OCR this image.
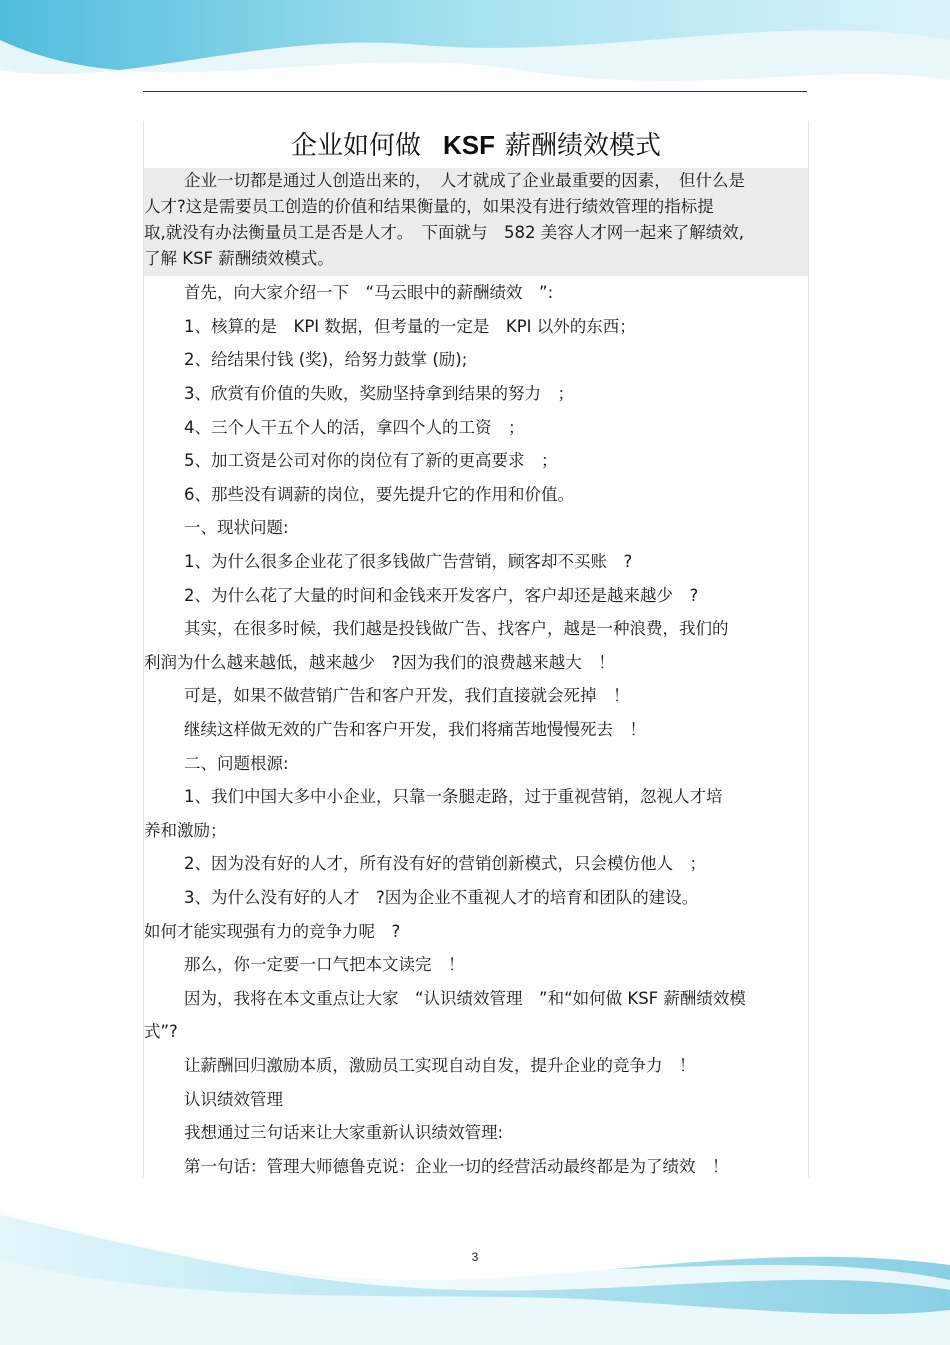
企业如何做 KSF 薪酬绩效模式
企业一切都是通过人创造出来的，　人才就成了企业最重要的因素，　但什么是
人才?这是需要员工创造的价值和结果衡量的，如果没有进行绩效管理的指标提
取,就没有办法衡量员工是否是人才。　下面就与　582 美容人才网一起来了解绩效,
了解 KSF 薪酬绩效模式。
首先，向大家介绍一下　“马云眼中的薪酬绩效　”:
1、核算的是　KPI 数据，但考量的一定是　KPI 以外的东西；
2、给结果付钱 (奖)，给努力鼓掌 (励);
3、欣赏有价值的失败，奖励坚持拿到结果的努力　；
4、三个人干五个人的活，拿四个人的工资　；
5、加工资是公司对你的岗位有了新的更高要求　；
6、那些没有调薪的岗位，要先提升它的作用和价值。
一、现状问题:
1、为什么很多企业花了很多钱做广告营销，顾客却不买账　?
2、为什么花了大量的时间和金钱来开发客户，客户却还是越来越少　?
其实，在很多时候，我们越是投钱做广告、找客户，越是一种浪费，我们的
利润为什么越来越低，越来越少　?因为我们的浪费越来越大　！
可是，如果不做营销广告和客户开发，我们直接就会死掉　！
继续这样做无效的广告和客户开发，我们将痛苦地慢慢死去　！
二、问题根源:
1、我们中国大多中小企业，只靠一条腿走路，过于重视营销，忽视人才培
养和激励；
2、因为没有好的人才，所有没有好的营销创新模式，只会模仿他人　；
3、为什么没有好的人才　?因为企业不重视人才的培育和团队的建设。
如何才能实现强有力的竞争力呢　?
那么，你一定要一口气把本文读完　！
因为，我将在本文重点让大家　“认识绩效管理　”和“如何做 KSF 薪酬绩效模
式”?
让薪酬回归激励本质，激励员工实现自动自发，提升企业的竞争力　！
认识绩效管理
我想通过三句话来让大家重新认识绩效管理:
第一句话：管理大师德鲁克说：企业一切的经营活动最终都是为了绩效　！
3
